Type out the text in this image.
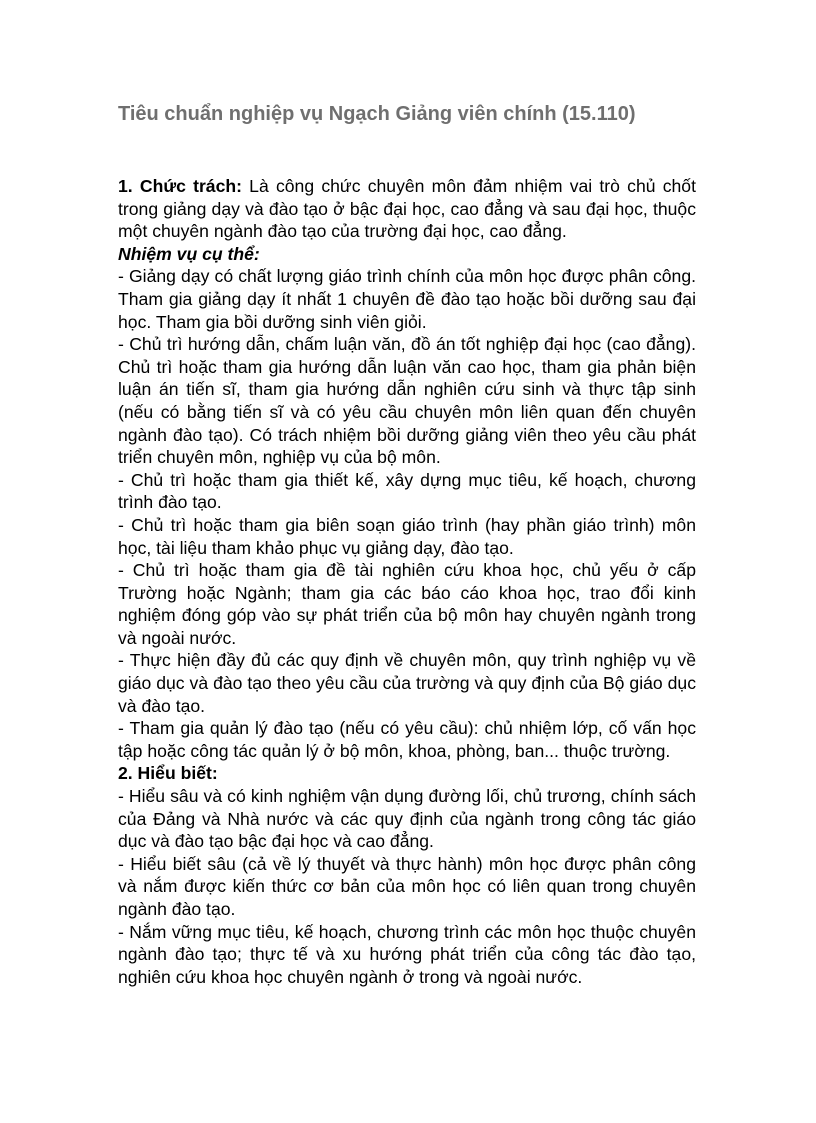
Tiêu chuẩn nghiệp vụ Ngạch Giảng viên chính (15.110)

1. Chức trách: Là công chức chuyên môn đảm nhiệm vai trò chủ chốt trong giảng dạy và đào tạo ở bậc đại học, cao đẳng và sau đại học, thuộc một chuyên ngành đào tạo của trường đại học, cao đẳng.

Nhiệm vụ cụ thể:

- Giảng dạy có chất lượng giáo trình chính của môn học được phân công. Tham gia giảng dạy ít nhất 1 chuyên đề đào tạo hoặc bồi dưỡng sau đại học. Tham gia bồi dưỡng sinh viên giỏi.

- Chủ trì hướng dẫn, chấm luận văn, đồ án tốt nghiệp đại học (cao đẳng). Chủ trì hoặc tham gia hướng dẫn luận văn cao học, tham gia phản biện luận án tiến sĩ, tham gia hướng dẫn nghiên cứu sinh và thực tập sinh (nếu có bằng tiến sĩ và có yêu cầu chuyên môn liên quan đến chuyên ngành đào tạo). Có trách nhiệm bồi dưỡng giảng viên theo yêu cầu phát triển chuyên môn, nghiệp vụ của bộ môn.

- Chủ trì hoặc tham gia thiết kế, xây dựng mục tiêu, kế hoạch, chương trình đào tạo.

- Chủ trì hoặc tham gia biên soạn giáo trình (hay phần giáo trình) môn học, tài liệu tham khảo phục vụ giảng dạy, đào tạo.

- Chủ trì hoặc tham gia đề tài nghiên cứu khoa học, chủ yếu ở cấp Trường hoặc Ngành; tham gia các báo cáo khoa học, trao đổi kinh nghiệm đóng góp vào sự phát triển của bộ môn hay chuyên ngành trong và ngoài nước.

- Thực hiện đầy đủ các quy định về chuyên môn, quy trình nghiệp vụ về giáo dục và đào tạo theo yêu cầu của trường và quy định của Bộ giáo dục và đào tạo.

- Tham gia quản lý đào tạo (nếu có yêu cầu): chủ nhiệm lớp, cố vấn học tập hoặc công tác quản lý ở bộ môn, khoa, phòng, ban... thuộc trường.

2. Hiểu biết:

- Hiểu sâu và có kinh nghiệm vận dụng đường lối, chủ trương, chính sách của Đảng và Nhà nước và các quy định của ngành trong công tác giáo dục và đào tạo bậc đại học và cao đẳng.

- Hiểu biết sâu (cả về lý thuyết và thực hành) môn học được phân công và nắm được kiến thức cơ bản của môn học có liên quan trong chuyên ngành đào tạo.

- Nắm vững mục tiêu, kế hoạch, chương trình các môn học thuộc chuyên ngành đào tạo; thực tế và xu hướng phát triển của công tác đào tạo, nghiên cứu khoa học chuyên ngành ở trong và ngoài nước.
